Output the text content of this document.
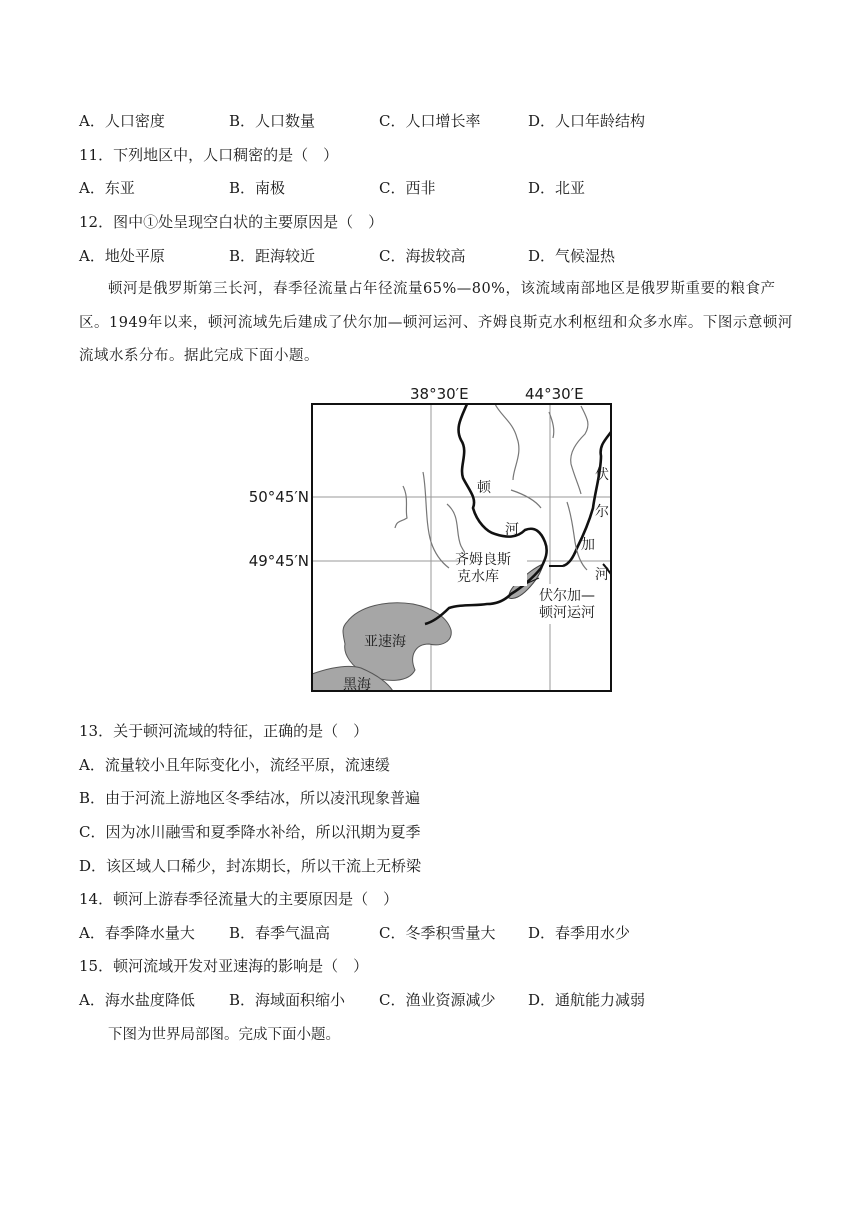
A．人口密度	B．人口数量	C．人口增长率	D．人口年龄结构
11．下列地区中，人口稠密的是（　）
A．东亚	B．南极	C．西非	D．北亚
12．图中①处呈现空白状的主要原因是（　）
A．地处平原	B．距海较近	C．海拔较高	D．气候湿热
顿河是俄罗斯第三长河，春季径流量占年径流量65%—80%，该流域南部地区是俄罗斯重要的粮食产区。1949年以来，顿河流域先后建成了伏尔加—顿河运河、齐姆良斯克水利枢纽和众多水库。下图示意顿河流域水系分布。据此完成下面小题。
38°30′E	44°30′E
50°45′N
49°45′N
顿
河
伏
尔
加
河
齐姆良斯
克水库
伏尔加—
顿河运河
亚速海
黑海
13．关于顿河流域的特征，正确的是（　）
A．流量较小且年际变化小，流经平原，流速缓
B．由于河流上游地区冬季结冰，所以凌汛现象普遍
C．因为冰川融雪和夏季降水补给，所以汛期为夏季
D．该区域人口稀少，封冻期长，所以干流上无桥梁
14．顿河上游春季径流量大的主要原因是（　）
A．春季降水量大 B．春季气温高	C．冬季积雪量大 D．春季用水少
15．顿河流域开发对亚速海的影响是（　）
A．海水盐度降低 B．海域面积缩小 C．渔业资源减少 D．通航能力减弱
下图为世界局部图。完成下面小题。
